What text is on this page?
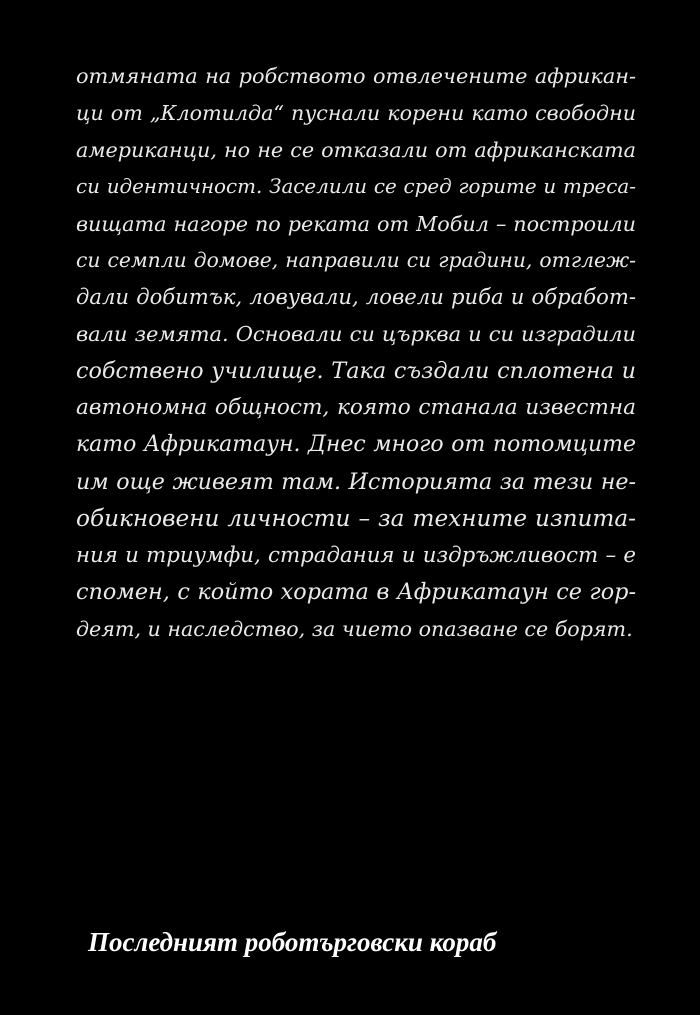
отмяната на робството отвлечените африкан-
ци от „Клотилда“ пуснали корени като свободни
американци, но не се отказали от африканската
си идентичност. Заселили се сред горите и треса-
вищата нагоре по реката от Мобил – построили
си семпли домове, направили си градини, отглеж-
дали добитък, ловували, ловели риба и обработ-
вали земята. Основали си църква и си изградили
собствено училище. Така създали сплотена и
автономна общност, която станала известна
като Африкатаун. Днес много от потомците
им още живеят там. Историята за тези не-
обикновени личности – за техните изпита-
ния и триумфи, страдания и издръжливост – е
спомен, с който хората в Африкатаун се гор-
деят, и наследство, за чието опазване се борят.
Последният роботърговски кораб
